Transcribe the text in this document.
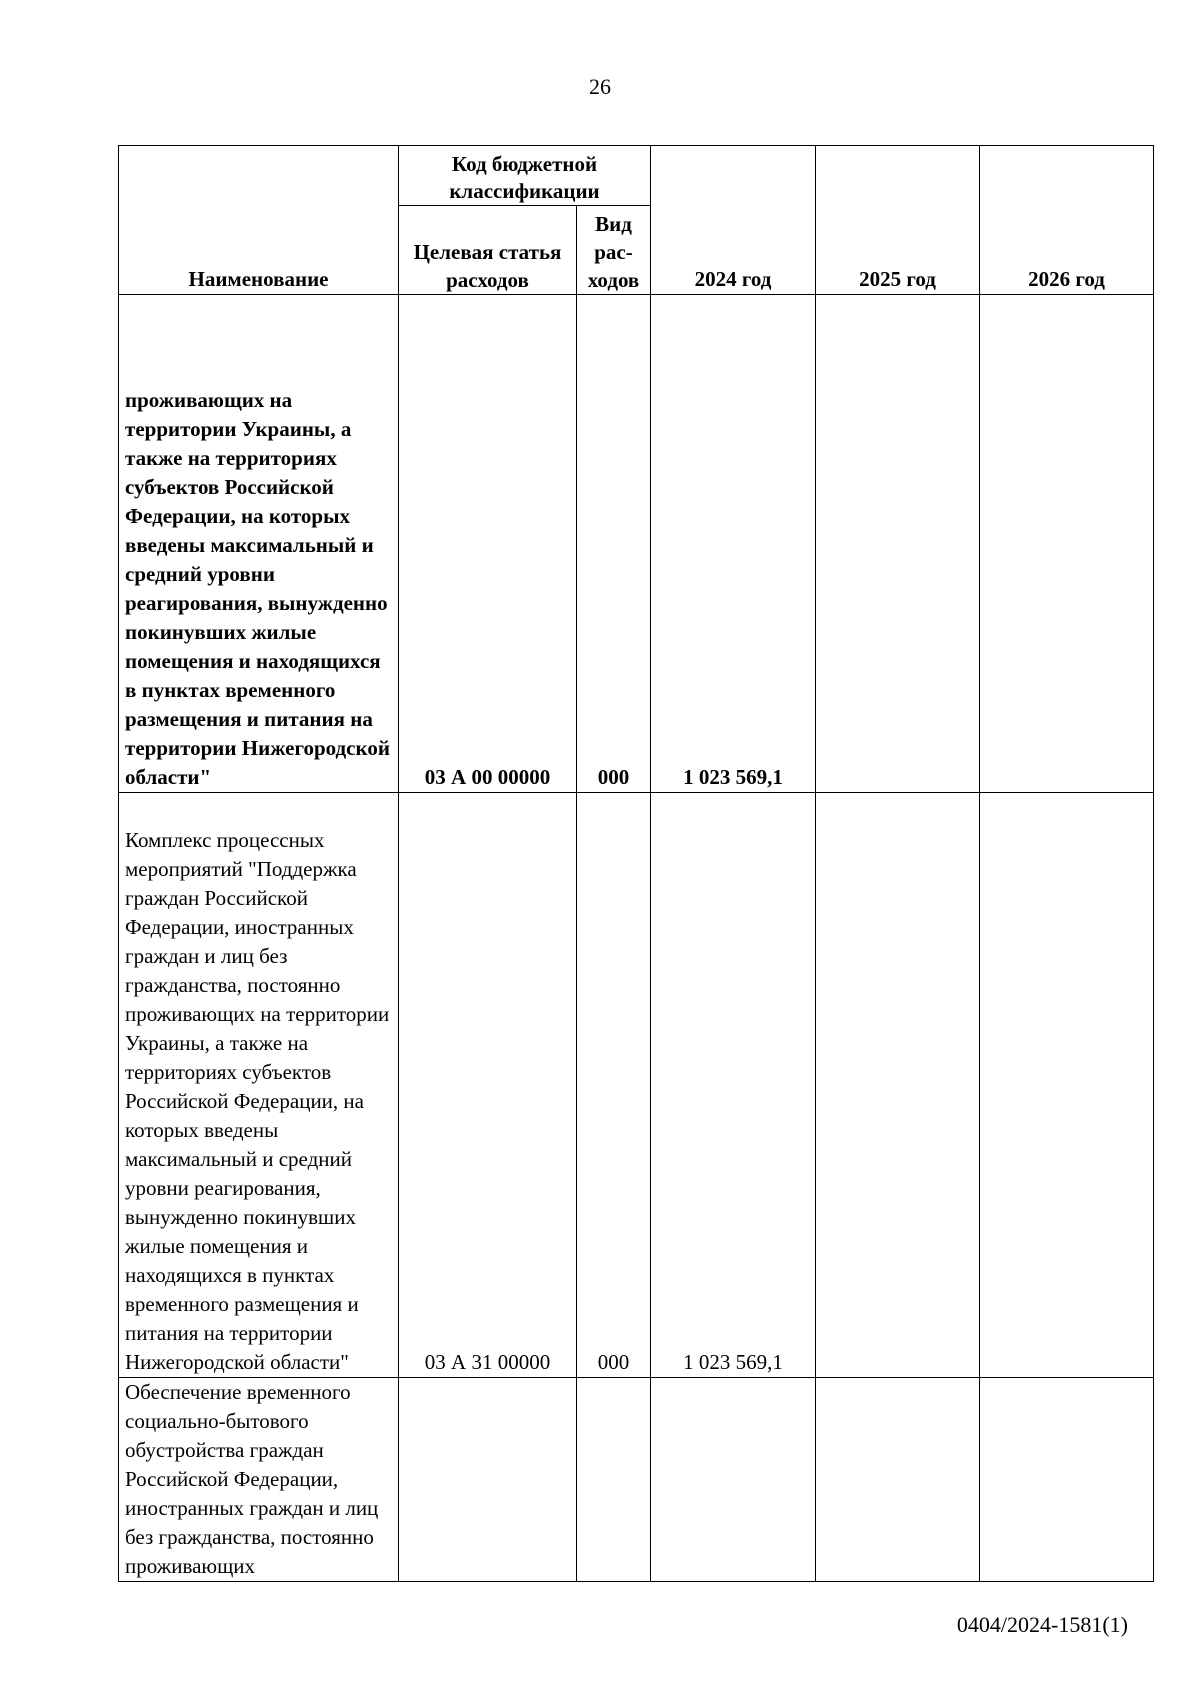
26
Наименование	Код бюджетной классификации		2024 год	2025 год	2026 год
	Целевая статья расходов	Вид рас-ходов			
проживающих на территории Украины, а также на территориях субъектов Российской Федерации, на которых введены максимальный и средний уровни реагирования, вынужденно покинувших жилые помещения и находящихся в пунктах временного размещения и питания на территории Нижегородской области"	03 А 00 00000	000	1 023 569,1		
Комплекс процессных мероприятий "Поддержка граждан Российской Федерации, иностранных граждан и лиц без гражданства, постоянно проживающих на территории Украины, а также на территориях субъектов Российской Федерации, на которых введены максимальный и средний уровни реагирования, вынужденно покинувших жилые помещения и находящихся в пунктах временного размещения и питания на территории Нижегородской области"	03 А 31 00000	000	1 023 569,1		
Обеспечение временного социально-бытового обустройства граждан Российской Федерации, иностранных граждан и лиц без гражданства, постоянно проживающих					
0404/2024-1581(1)
